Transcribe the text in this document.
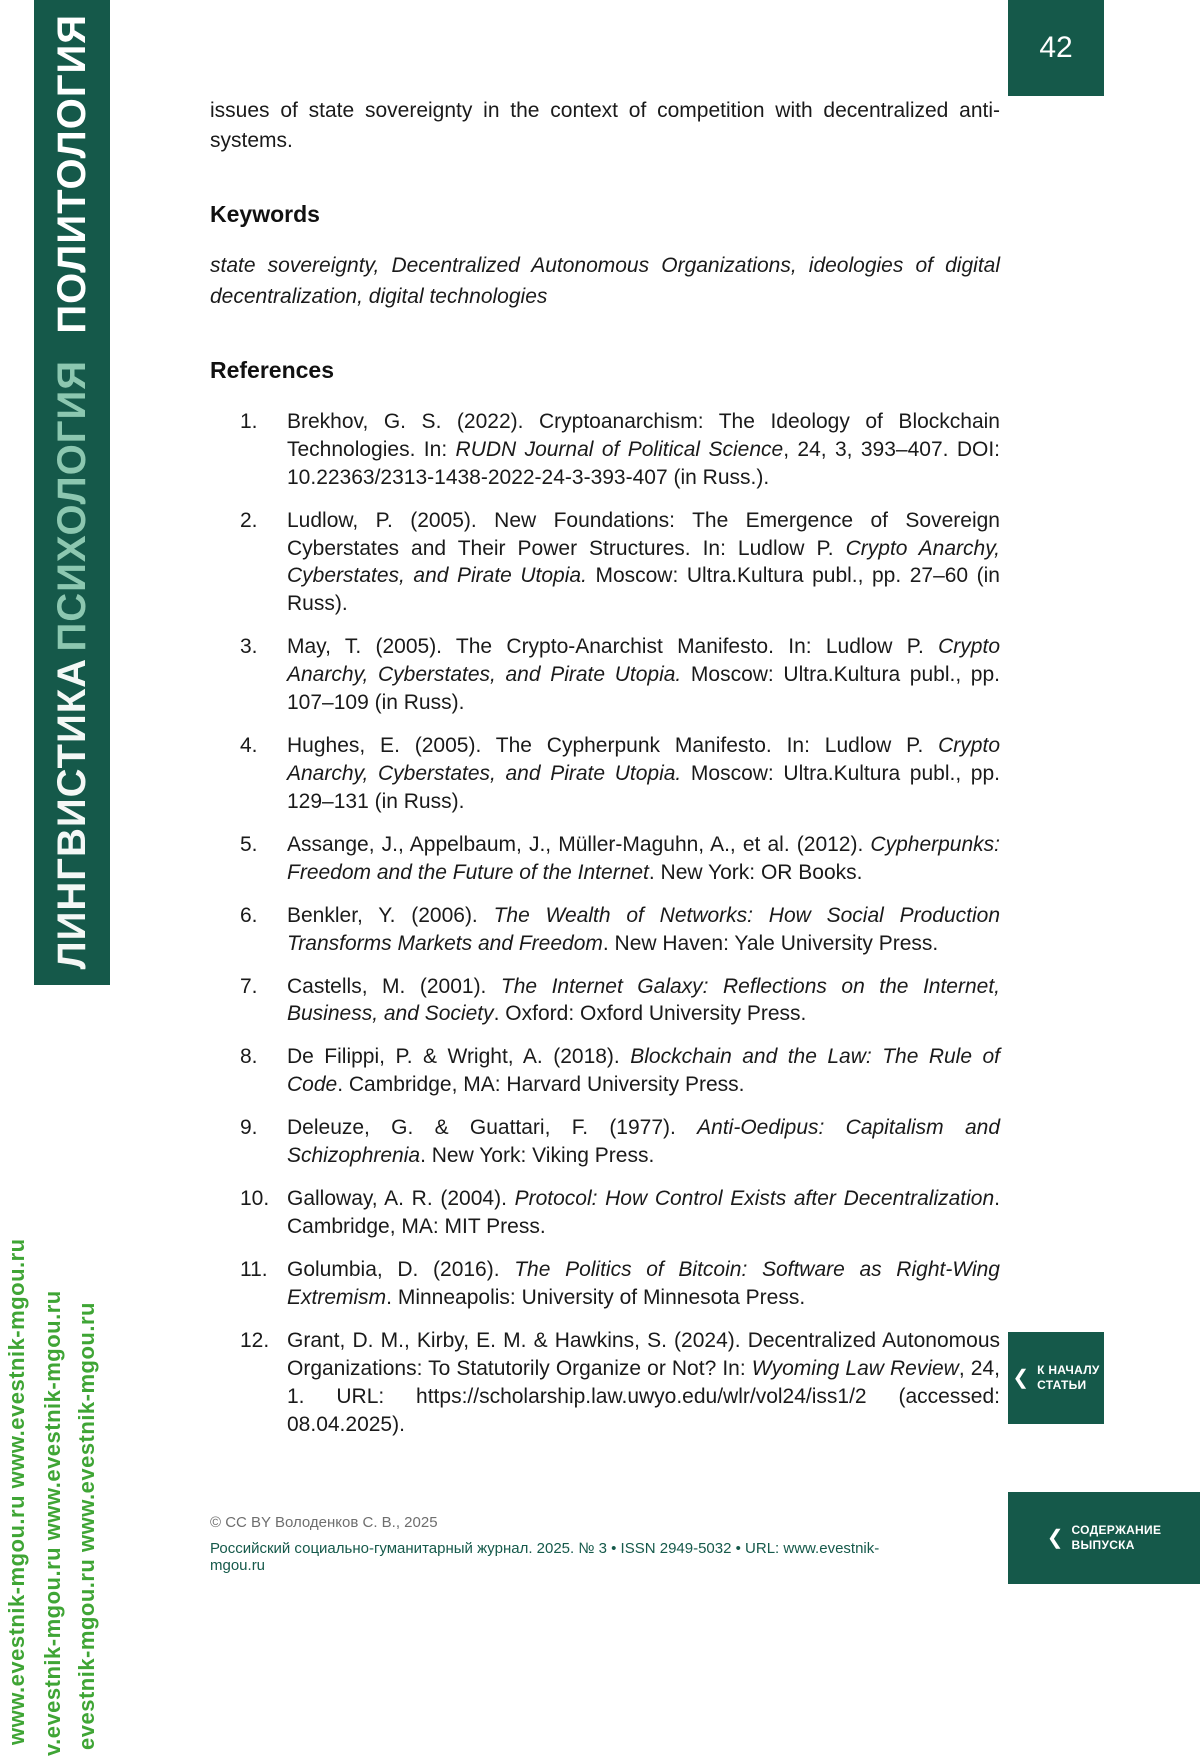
ПОЛИТОЛОГИЯ
ПСИХОЛОГИЯ
ЛИНГВИСТИКА
www.evestnik-mgou.ru www.evestnik-mgou.ru v.evestnik-mgou.ru www.evestnik-mgou.ru evestnik-mgou.ru www.evestnik-mgou.ru
42

issues of state sovereignty in the context of competition with decentralized anti-systems.

Keywords

state sovereignty, Decentralized Autonomous Organizations, ideologies of digital decentralization, digital technologies

References
1.	Brekhov, G. S. (2022). Cryptoanarchism: The Ideology of Blockchain Technologies. In: RUDN Journal of Political Science, 24, 3, 393–407. DOI: 10.22363/2313-1438-2022-24-3-393-407 (in Russ.).
2.	Ludlow, P. (2005). New Foundations: The Emergence of Sovereign Cyberstates and Their Power Structures. In: Ludlow P. Crypto Anarchy, Cyberstates, and Pirate Utopia. Moscow: Ultra.Kultura publ., pp. 27–60 (in Russ).
3.	May, T. (2005). The Crypto-Anarchist Manifesto. In: Ludlow P. Crypto Anarchy, Cyberstates, and Pirate Utopia. Moscow: Ultra.Kultura publ., pp. 107–109 (in Russ).
4.	Hughes, E. (2005). The Cypherpunk Manifesto. In: Ludlow P. Crypto Anarchy, Cyberstates, and Pirate Utopia. Moscow: Ultra.Kultura publ., pp. 129–131 (in Russ).
5.	Assange, J., Appelbaum, J., Müller-Maguhn, A., et al. (2012). Cypherpunks: Freedom and the Future of the Internet. New York: OR Books.
6.	Benkler, Y. (2006). The Wealth of Networks: How Social Production Transforms Markets and Freedom. New Haven: Yale University Press.
7.	Castells, M. (2001). The Internet Galaxy: Reflections on the Internet, Business, and Society. Oxford: Oxford University Press.
8.	De Filippi, P. & Wright, A. (2018). Blockchain and the Law: The Rule of Code. Cambridge, MA: Harvard University Press.
9.	Deleuze, G. & Guattari, F. (1977). Anti-Oedipus: Capitalism and Schizophrenia. New York: Viking Press.
10. Galloway, A. R. (2004). Protocol: How Control Exists after Decentralization. Cambridge, MA: MIT Press.
11. Golumbia, D. (2016). The Politics of Bitcoin: Software as Right-Wing Extremism. Minneapolis: University of Minnesota Press.
12. Grant, D. M., Kirby, E. M. & Hawkins, S. (2024). Decentralized Autonomous Organizations: To Statutorily Organize or Not? In: Wyoming Law Review, 24, 1. URL: https://scholarship.law.uwyo.edu/wlr/vol24/iss1/2 (accessed: 08.04.2025).
© CC BY Володенков С. В., 2025
Российский социально-гуманитарный журнал. 2025. № 3 • ISSN 2949-5032 • URL: www.evestnik-mgou.ru
❮ К НАЧАЛУ
СТАТЬИ
❮ СОДЕРЖАНИЕ
ВЫПУСКА
